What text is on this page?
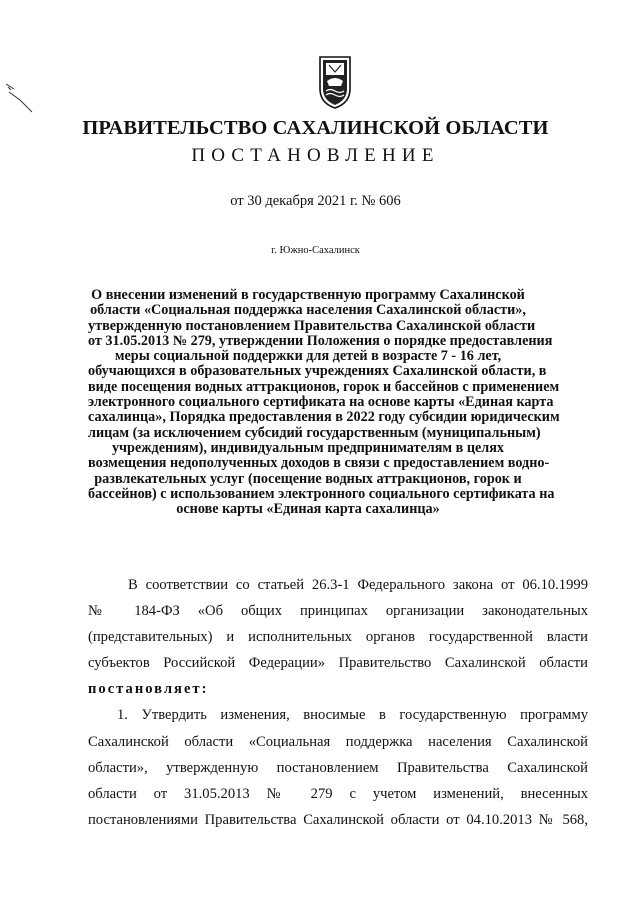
ПРАВИТЕЛЬСТВО САХАЛИНСКОЙ ОБЛАСТИ
ПОСТАНОВЛЕНИЕ
от 30 декабря 2021 г. № 606
г. Южно-Сахалинск
О внесении изменений в государственную программу Сахалинской
области «Социальная поддержка населения Сахалинской области»,
утвержденную постановлением Правительства Сахалинской области
от 31.05.2013 № 279, утверждении Положения о порядке предоставления
меры социальной поддержки для детей в возрасте 7 - 16 лет,
обучающихся в образовательных учреждениях Сахалинской области, в
виде посещения водных аттракционов, горок и бассейнов с применением
электронного социального сертификата на основе карты «Единая карта
сахалинца», Порядка предоставления в 2022 году субсидии юридическим
лицам (за исключением субсидий государственным (муниципальным)
учреждениям), индивидуальным предпринимателям в целях
возмещения недополученных доходов в связи с предоставлением водно-
развлекательных услуг (посещение водных аттракционов, горок и
бассейнов) с использованием электронного социального сертификата на
основе карты «Единая карта сахалинца»
В соответствии со статьей 26.3-1 Федерального закона от 06.10.1999
№ 184-ФЗ «Об общих принципах организации законодательных
(представительных) и исполнительных органов государственной власти
субъектов Российской Федерации» Правительство Сахалинской области
постановляет:
1. Утвердить изменения, вносимые в государственную программу
Сахалинской области «Социальная поддержка населения Сахалинской
области», утвержденную постановлением Правительства Сахалинской
области от 31.05.2013 № 279 с учетом изменений, внесенных
постановлениями Правительства Сахалинской области от 04.10.2013 № 568,
